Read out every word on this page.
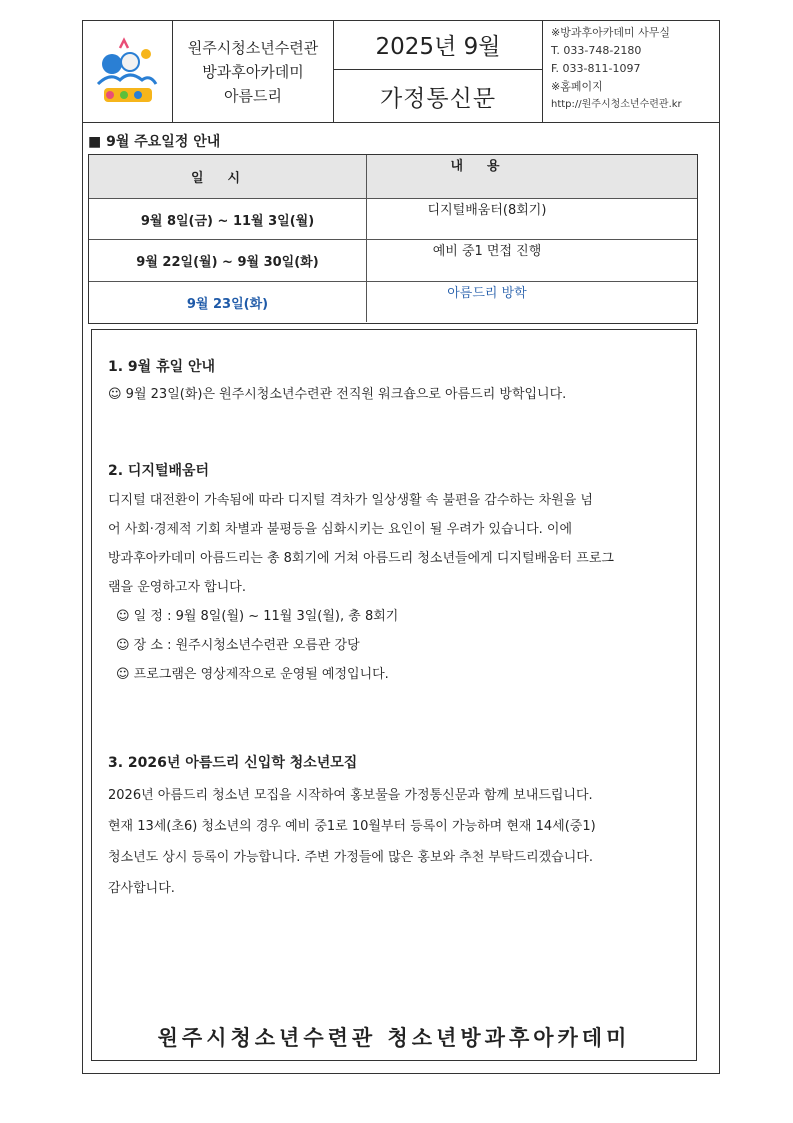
원주시청소년수련관
방과후아카데미
아름드리
2025년 9월
가정통신문
※방과후아카데미 사무실
T. 033-748-2180
F. 033-811-1097
※홈페이지
http://원주시청소년수련관.kr
■ 9월 주요일정 안내
일시
내용
9월 8일(금) ~ 11월 3일(월)
디지털배움터(8회기)
9월 22일(월) ~ 9월 30일(화)
예비 중1 면접 진행
9월 23일(화)
아름드리 방학
1. 9월 휴일 안내
☺ 9월 23일(화)은 원주시청소년수련관 전직원 워크숍으로 아름드리 방학입니다.
2. 디지털배움터
디지털 대전환이 가속됨에 따라 디지털 격차가 일상생활 속 불편을 감수하는 차원을 넘
어 사회·경제적 기회 차별과 불평등을 심화시키는 요인이 될 우려가 있습니다. 이에
방과후아카데미 아름드리는 총 8회기에 거쳐 아름드리 청소년들에게 디지털배움터 프로그
램을 운영하고자 합니다.
☺ 일 정 : 9월 8일(월) ~ 11월 3일(월), 총 8회기
☺ 장 소 : 원주시청소년수련관 오름관 강당
☺ 프로그램은 영상제작으로 운영될 예정입니다.
3. 2026년 아름드리 신입학 청소년모집
2026년 아름드리 청소년 모집을 시작하여 홍보물을 가정통신문과 함께 보내드립니다.
현재 13세(초6) 청소년의 경우 예비 중1로 10월부터 등록이 가능하며 현재 14세(중1)
청소년도 상시 등록이 가능합니다. 주변 가정들에 많은 홍보와 추천 부탁드리겠습니다.
감사합니다.
원주시청소년수련관 청소년방과후아카데미
